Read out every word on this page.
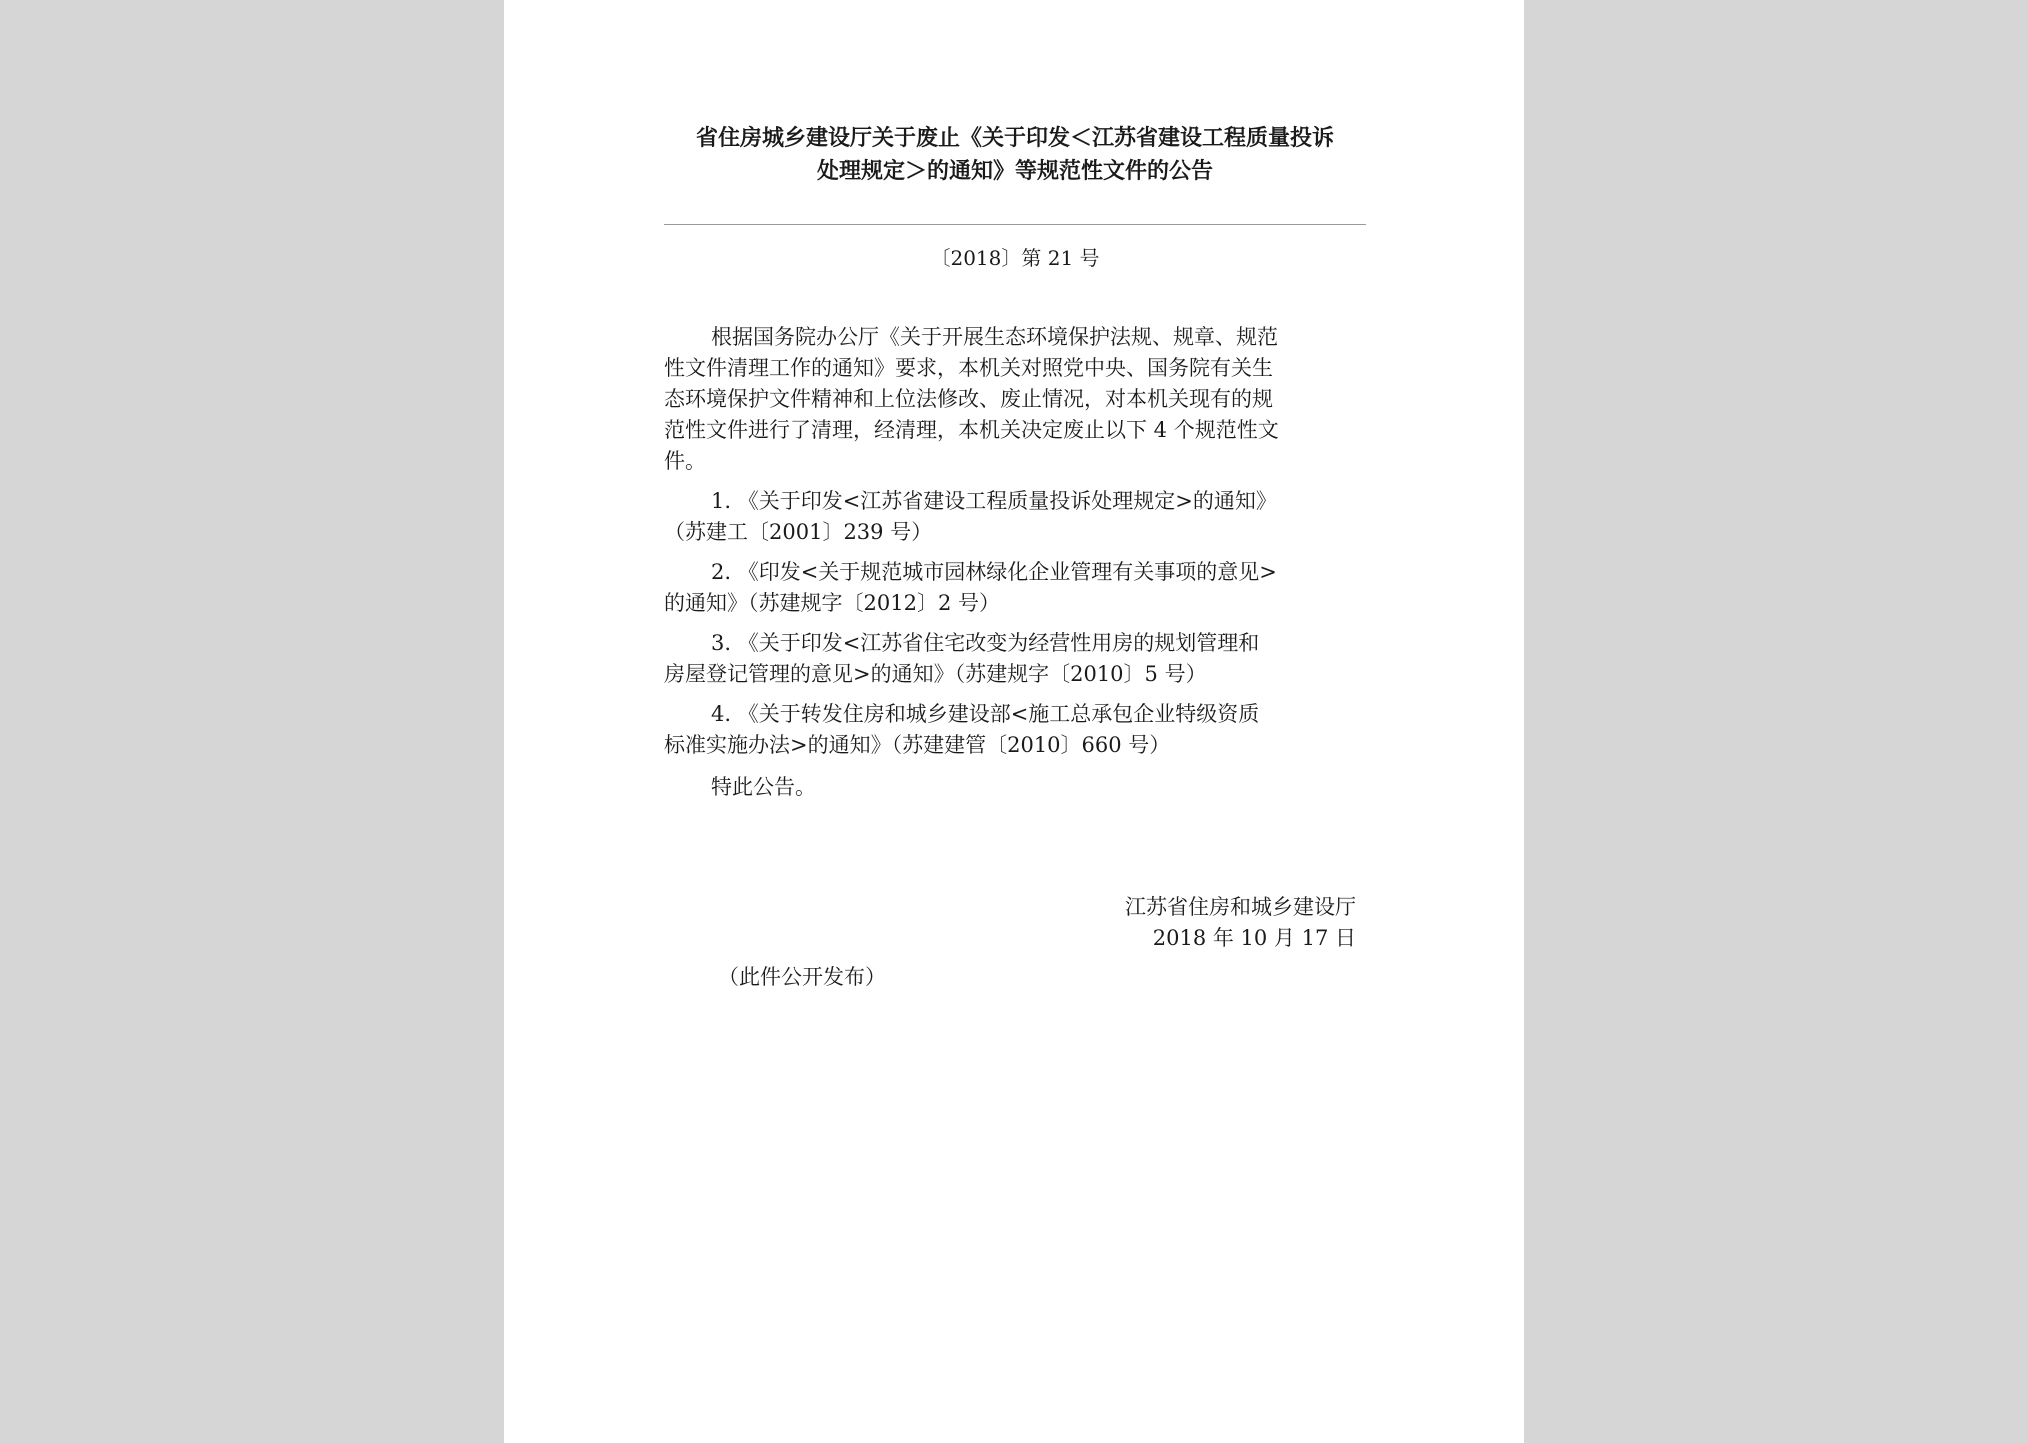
省住房城乡建设厅关于废止《关于印发＜江苏省建设工程质量投诉
处理规定＞的通知》等规范性文件的公告
〔2018〕第 21 号
根据国务院办公厅《关于开展生态环境保护法规、规章、规范
性文件清理工作的通知》要求，本机关对照党中央、国务院有关生
态环境保护文件精神和上位法修改、废止情况，对本机关现有的规
范性文件进行了清理，经清理，本机关决定废止以下 4 个规范性文
件。
1. 《关于印发<江苏省建设工程质量投诉处理规定>的通知》
（苏建工〔2001〕239 号）
2. 《印发<关于规范城市园林绿化企业管理有关事项的意见>
的通知》（苏建规字〔2012〕2 号）
3. 《关于印发<江苏省住宅改变为经营性用房的规划管理和
房屋登记管理的意见>的通知》（苏建规字〔2010〕5 号）
4. 《关于转发住房和城乡建设部<施工总承包企业特级资质
标准实施办法>的通知》（苏建建管〔2010〕660 号）
特此公告。
江苏省住房和城乡建设厅
2018 年 10 月 17 日
（此件公开发布）
